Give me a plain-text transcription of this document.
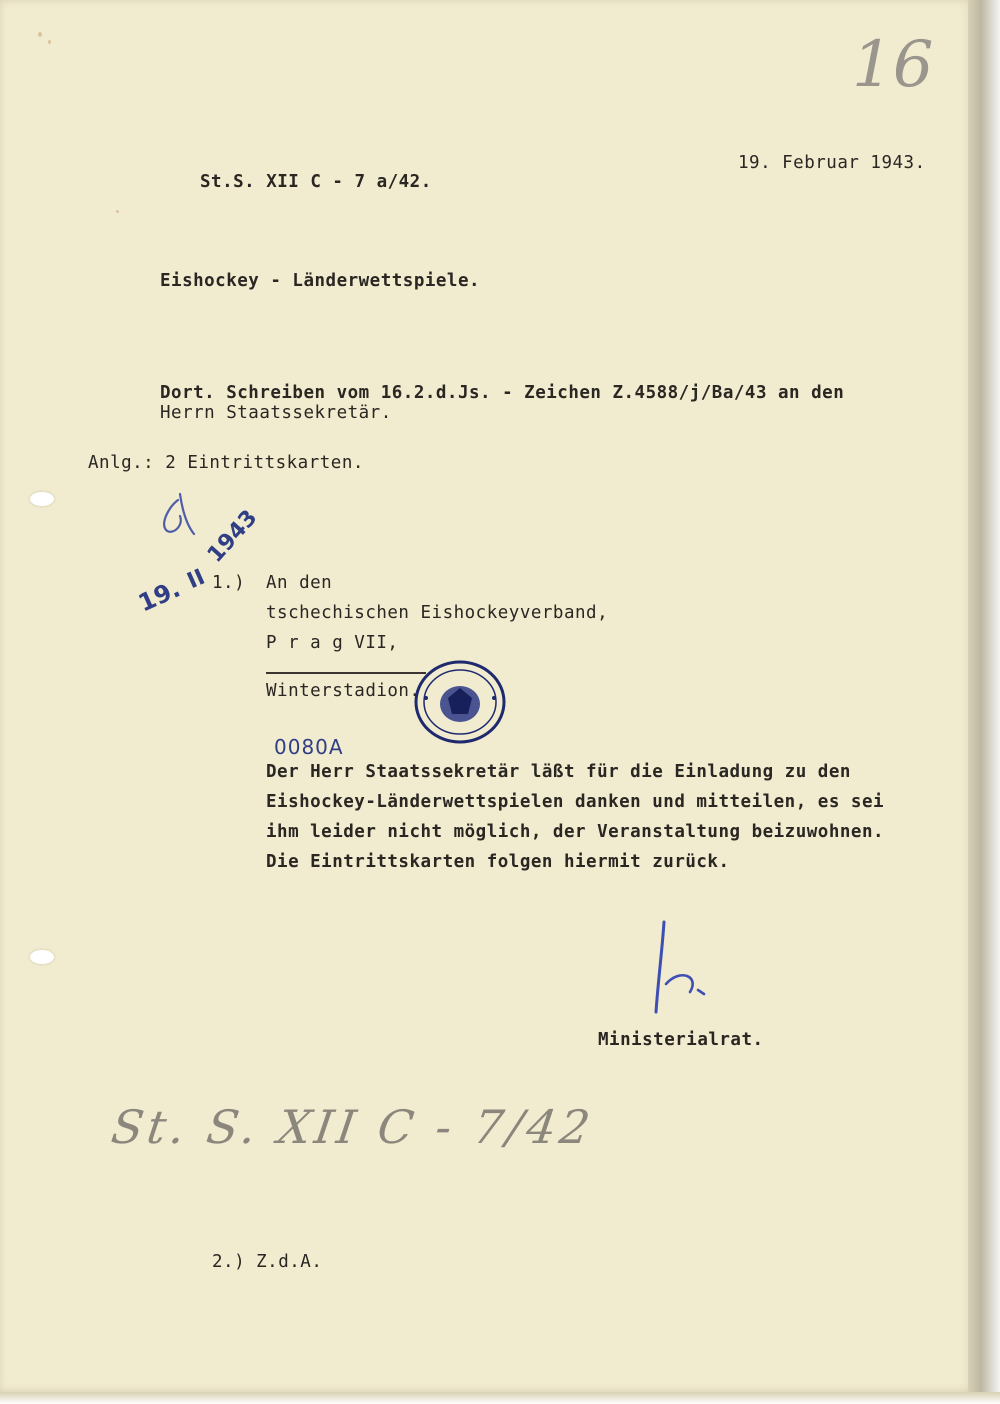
16
St.S. XII C - 7 a/42.
19. Februar 1943.
Eishockey - Länderwettspiele.
Dort. Schreiben vom 16.2.d.Js. - Zeichen Z.4588/j/Ba/43 an den
Herrn Staatssekretär.
Anlg.: 2 Eintrittskarten.
19. II
1943
1.) An den
tschechischen Eishockeyverband,
P r a g VII,
Winterstadion.
0080A
Der Herr Staatssekretär läßt für die Einladung zu den
Eishockey-Länderwettspielen danken und mitteilen, es sei
ihm leider nicht möglich, der Veranstaltung beizuwohnen.
Die Eintrittskarten folgen hiermit zurück.
Ministerialrat.
St. S. XII C - 7/42
2.) Z.d.A.
